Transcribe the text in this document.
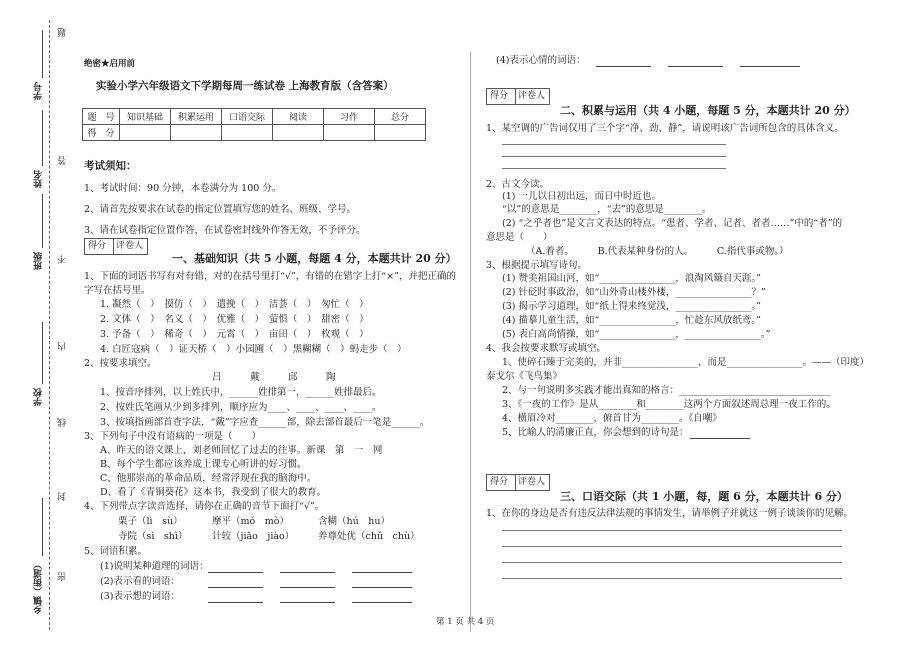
题
学号
姓名
班级
学校
乡镇（街道）
答
不
内
线
封
密
绝密★启用前
实验小学六年级语文下学期每周一练试卷 上海教育版（含答案）
题　号	知识基础	积累运用	口语交际	阅读	习作	总分
得　分						
考试须知：
1、考试时间：90 分钟，本卷满分为 100 分。
2、请首先按要求在试卷的指定位置填写您的姓名、班级、学号。
3、请在试卷指定位置作答，在试卷密封线外作答无效，不予评分。
得分 评卷人
一、基础知识（共 5 小题，每题 4 分，本题共计 20 分）
1、下面的词语书写有对有错，对的在括号里打“√”，有错的在错字上打“×”，并把正确的
字写在括号里。
1. 凝然（　）　摸仿（　）　遣挽（　）　洁荟（　）　匆忙（　）
2. 文体（　）　名义（　）　优雅（　）　萤惧（　）　甜密（　）
3. 予备（　）　稀奇（　）　元霄（　）　亩田（　）　枚观（　）
4. 白匠寇病（　）证天桥（　）小园圃（　）黑糊糊（　）蚂走步（　）
2、按要求填空。
吕　　　戴　　　邱　　　陶
1、按音序排列，以上姓氏中，______姓排第一，______姓排最后。
2、按姓氏笔画从少到多排列，顺序应为____、____、____、____。
3、按填指画部首查字法，“戴”字应查______部，除去部首最后一笔是______。
3、下列句子中没有语病的一项是（　　）
A、昨天的语文课上，刘老师回忆了过去的往事。新课　第　一　网
B、每个学生都应该养成上课专心听讲的好习惯。
C、他那崇高的革命品质，经常浮现在我的脑海中。
D、看了《青铜葵花》这本书，我受到了很大的教育。
4、下列带点字读音选择，请你在正确的音节下面打“√”。
栗子（lì　sù）	摩平（mó　mò）	含糊（hú　hu）
寺院（sì　shì）	计较（jiǎo　jiào）	养尊处优（chǔ　chù）
5、词语积累。
(1)说明某种道理的词语：
(2)表示看的词语：
(3)表示想的词语：
(4)表示心情的词语：
得分 评卷人
二、积累与运用（共 4 小题，每题 5 分，本题共计 20 分）
1、某空调的广告词仅用了三个字“净、劲、静”，请说明该广告词所包含的具体含义。
2、古文今读。
(1) 一儿以日初出远，而日中时近也。
“以”的意思是________，“去”的意思是________。
(2) “之乎者也”是文言文表达的特点。“患者、学者、记者、者者……”中的“者”的
意思是（　　）
（A.着者。　　　B.代表某种身份的人。　　　C.指代事或物。）
3、根据提示填写诗句。
(1) 赞美祖国山河，如“________________，浪淘风簸自天涯。”
(2) 针砭时事政治，如“山外青山楼外楼，________________？”
(3) 揭示学习道理，如“纸上得来终觉浅，________________。”
(4) 描摹儿童生活，如“________________，忙趁东风放纸鸢。”
(5) 表白高尚情操，如“________________，________________。”
4、我会按要求默写或填空。
1、使碎石臻于完美的，并非________________，而是________________。——（印度）
泰戈尔《飞鸟集》
2、与一句说明多实践才能出真知的格言：________________________________
3、《一夜的工作》是从________和________这两个方面叙述周总理一夜工作的。
4、横眉冷对________，俯首甘为________。《自嘲》
5、比喻人的清廉正直，你会想到的诗句是：
得分 评卷人
三、口语交际（共 1 小题，每，题 6 分，本题共计 6 分）
1、在你的身边是否有违反法律法规的事情发生，请举例子并就这一例子谈谈你的见解。
第 1 页 共 4 页
